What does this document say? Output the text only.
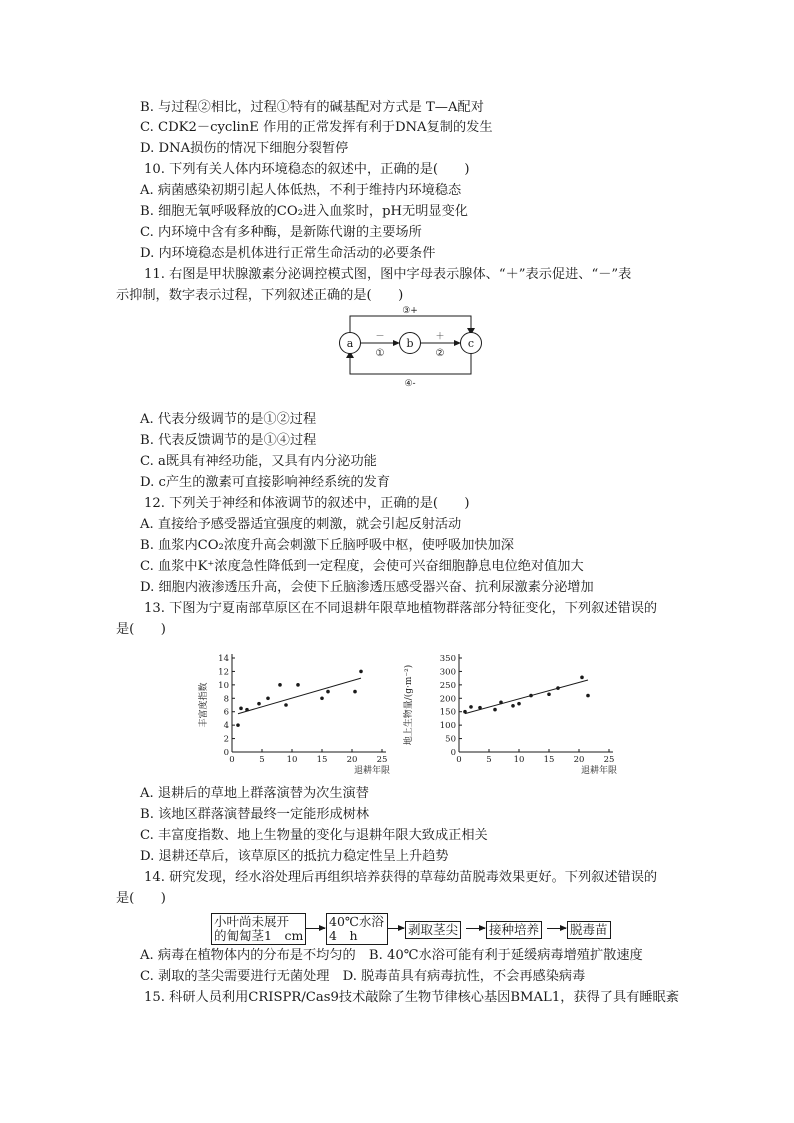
B. 与过程②相比，过程①特有的碱基配对方式是 T—A配对
C. CDK2－cyclinE 作用的正常发挥有利于DNA复制的发生
D. DNA损伤的情况下细胞分裂暂停
10. 下列有关人体内环境稳态的叙述中，正确的是(　　)
A. 病菌感染初期引起人体低热，不利于维持内环境稳态
B. 细胞无氧呼吸释放的CO₂进入血浆时，pH无明显变化
C. 内环境中含有多种酶，是新陈代谢的主要场所
D. 内环境稳态是机体进行正常生命活动的必要条件
11. 右图是甲状腺激素分泌调控模式图，图中字母表示腺体、“＋”表示促进、“－”表
示抑制，数字表示过程，下列叙述正确的是(　　)
a	b	c
③+
④-
－
①
＋
②
A. 代表分级调节的是①②过程
B. 代表反馈调节的是①④过程
C. a既具有神经功能，又具有内分泌功能
D. c产生的激素可直接影响神经系统的发育
12. 下列关于神经和体液调节的叙述中，正确的是(　　)
A. 直接给予感受器适宜强度的刺激，就会引起反射活动
B. 血浆内CO₂浓度升高会刺激下丘脑呼吸中枢，使呼吸加快加深
C. 血浆中K⁺浓度急性降低到一定程度，会使可兴奋细胞静息电位绝对值加大
D. 细胞内液渗透压升高，会使下丘脑渗透压感受器兴奋、抗利尿激素分泌增加
13. 下图为宁夏南部草原区在不同退耕年限草地植物群落部分特征变化，下列叙述错误的
是(　　)
0	5	10 15 20 25
0
2
4
6
8
10
12
14
退耕年限
丰富度指数
0	5	10 15 20 25
0
50
100
150
200
250
300
350
退耕年限
地上生物量/(g·m⁻²)
A. 退耕后的草地上群落演替为次生演替
B. 该地区群落演替最终一定能形成树林
C. 丰富度指数、地上生物量的变化与退耕年限大致成正相关
D. 退耕还草后，该草原区的抵抗力稳定性呈上升趋势
14. 研究发现，经水浴处理后再组织培养获得的草莓幼苗脱毒效果更好。下列叙述错误的
是(　　)
小叶尚未展开
的匍匐茎1　cm
40℃水浴
4　h	剥取茎尖 接种培养 脱毒苗
A. 病毒在植物体内的分布是不均匀的　B. 40℃水浴可能有利于延缓病毒增殖扩散速度
C. 剥取的茎尖需要进行无菌处理　D. 脱毒苗具有病毒抗性，不会再感染病毒
15. 科研人员利用CRISPR/Cas9技术敲除了生物节律核心基因BMAL1，获得了具有睡眠紊
